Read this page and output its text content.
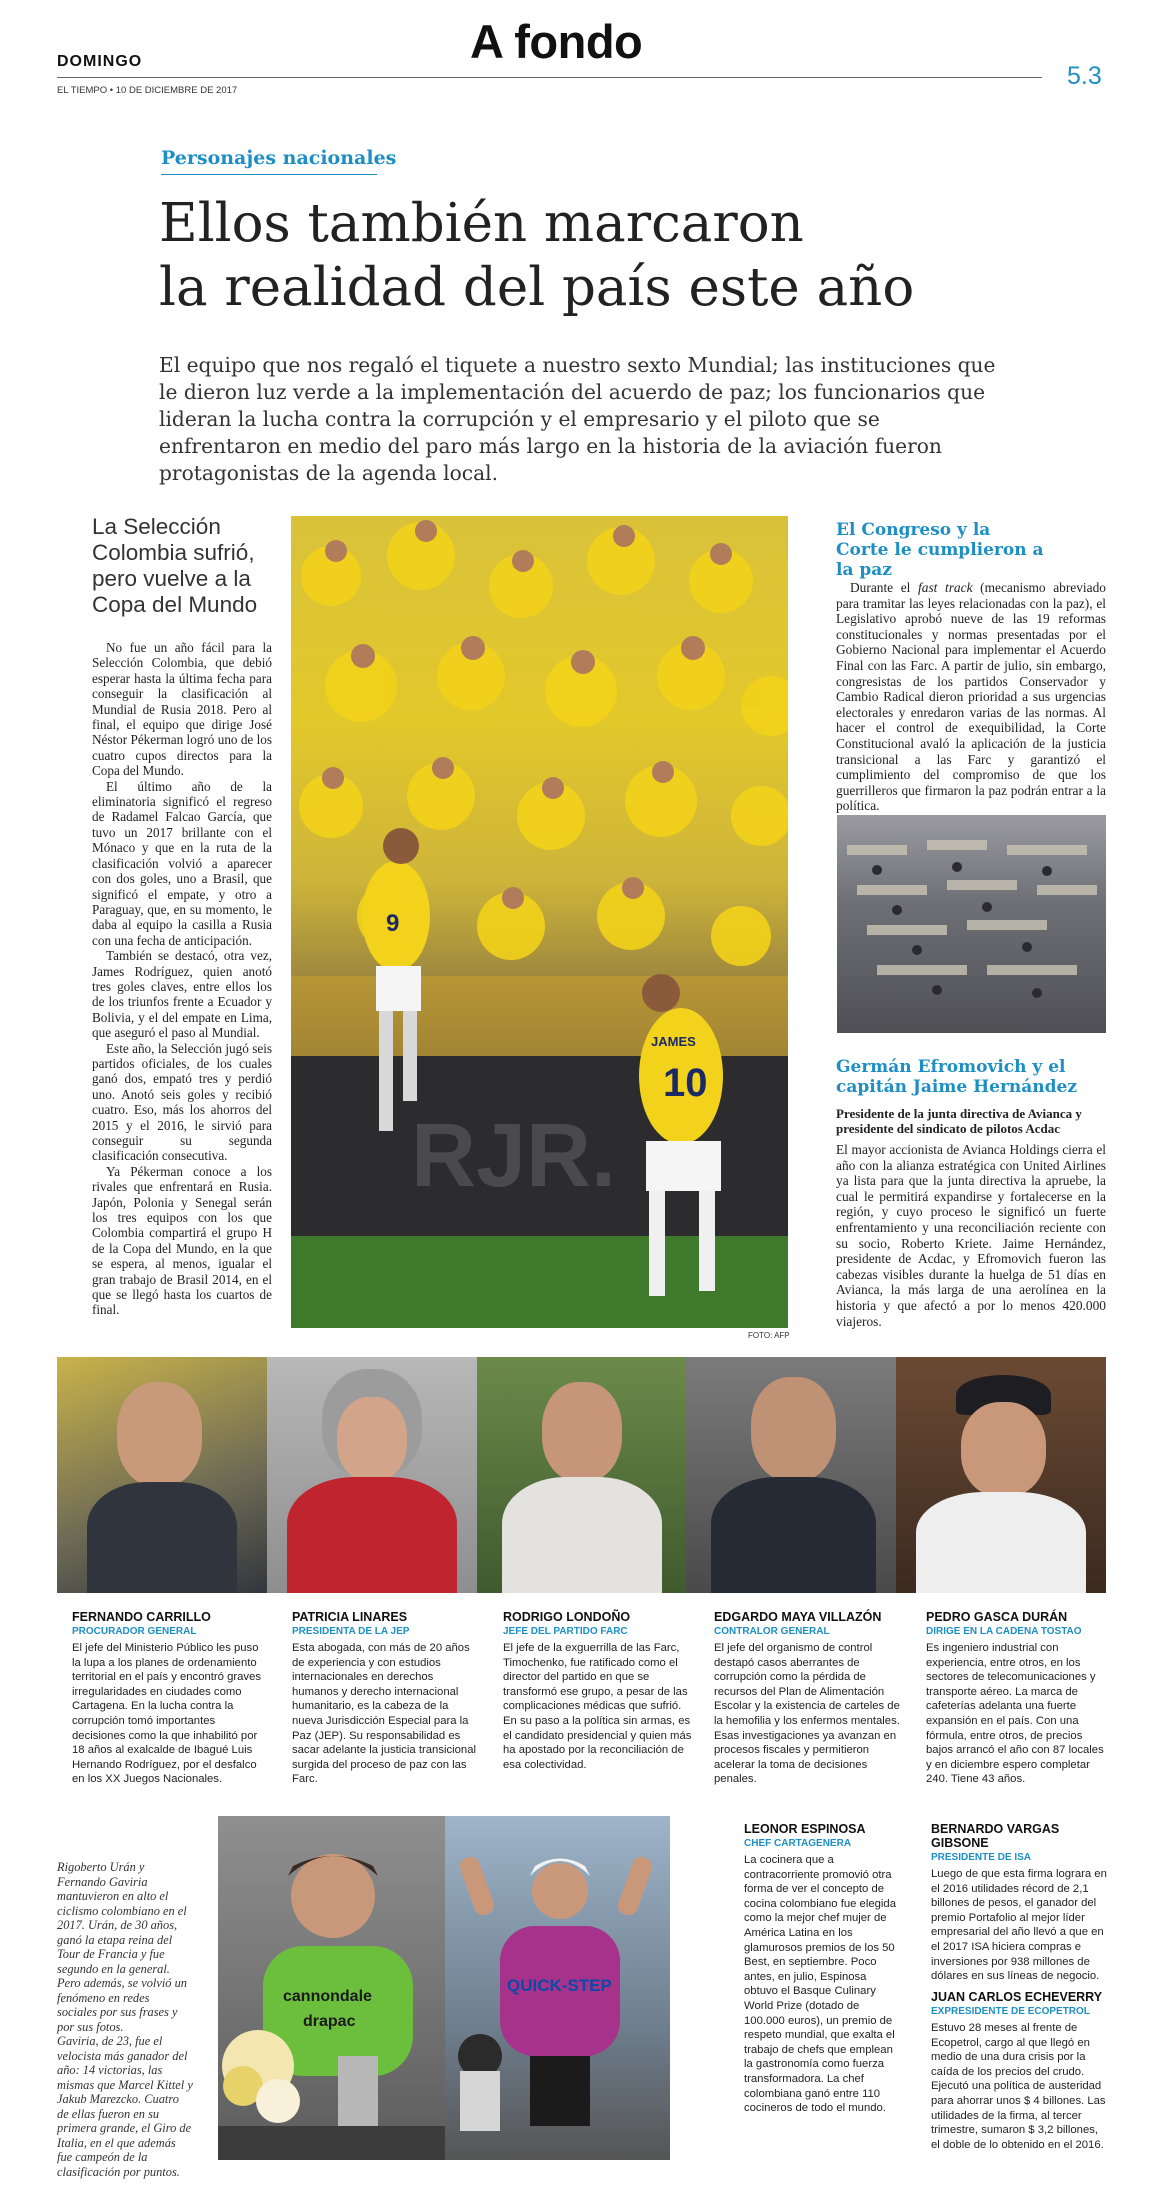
DOMINGO
EL TIEMPO • 10 DE DICIEMBRE DE 2017
A fondo
5.3
Personajes nacionales
Ellos también marcaron
la realidad del país este año
El equipo que nos regaló el tiquete a nuestro sexto Mundial; las instituciones que le dieron luz verde a la implementación del acuerdo de paz; los funcionarios que lideran la lucha contra la corrupción y el empresario y el piloto que se enfrentaron en medio del paro más largo en la historia de la aviación fueron protagonistas de la agenda local.
La Selección Colombia sufrió, pero vuelve a la Copa del Mundo

No fue un año fácil para la Selección Colombia, que debió esperar hasta la última fecha para conseguir la clasificación al Mundial de Rusia 2018. Pero al final, el equipo que dirige José Néstor Pékerman logró uno de los cuatro cupos directos para la Copa del Mundo.

El último año de la eliminatoria significó el regreso de Radamel Falcao García, que tuvo un 2017 brillante con el Mónaco y que en la ruta de la clasificación volvió a aparecer con dos goles, uno a Brasil, que significó el empate, y otro a Paraguay, que, en su momento, le daba al equipo la casilla a Rusia con una fecha de anticipación.

También se destacó, otra vez, James Rodríguez, quien anotó tres goles claves, entre ellos los de los triunfos frente a Ecuador y Bolivia, y el del empate en Lima, que aseguró el paso al Mundial.

Este año, la Selección jugó seis partidos oficiales, de los cuales ganó dos, empató tres y perdió uno. Anotó seis goles y recibió cuatro. Eso, más los ahorros del 2015 y el 2016, le sirvió para conseguir su segunda clasificación consecutiva.

Ya Pékerman conoce a los rivales que enfrentará en Rusia. Japón, Polonia y Senegal serán los tres equipos con los que Colombia compartirá el grupo H de la Copa del Mundo, en la que se espera, al menos, igualar el gran trabajo de Brasil 2014, en el que se llegó hasta los cuartos de final.

RJR.
9
JAMES
10
FOTO: AFP
El Congreso y la Corte le cumplieron a la paz

Durante el fast track (mecanismo abreviado para tramitar las leyes relacionadas con la paz), el Legislativo aprobó nueve de las 19 reformas constitucionales y normas presentadas por el Gobierno Nacional para implementar el Acuerdo Final con las Farc. A partir de julio, sin embargo, congresistas de los partidos Conservador y Cambio Radical dieron prioridad a sus urgencias electorales y enredaron varias de las normas. Al hacer el control de exequibilidad, la Corte Constitucional avaló la aplicación de la justicia transicional a las Farc y garantizó el cumplimiento del compromiso de que los guerrilleros que firmaron la paz podrán entrar a la política.

Germán Efromovich y el capitán Jaime Hernández
Presidente de la junta directiva de Avianca y presidente del sindicato de pilotos Acdac
El mayor accionista de Avianca Holdings cierra el año con la alianza estratégica con United Airlines ya lista para que la junta directiva la apruebe, la cual le permitirá expandirse y fortalecerse en la región, y cuyo proceso le significó un fuerte enfrentamiento y una reconciliación reciente con su socio, Roberto Kriete. Jaime Hernández, presidente de Acdac, y Efromovich fueron las cabezas visibles durante la huelga de 51 días en Avianca, la más larga de una aerolínea en la historia y que afectó a por lo menos 420.000 viajeros.
FERNANDO CARRILLO
PROCURADOR GENERAL
El jefe del Ministerio Público les puso la lupa a los planes de ordenamiento territorial en el país y encontró graves irregularidades en ciudades como Cartagena. En la lucha contra la corrupción tomó importantes decisiones como la que inhabilitó por 18 años al exalcalde de Ibagué Luis Hernando Rodríguez, por el desfalco en los XX Juegos Nacionales.
PATRICIA LINARES
PRESIDENTA DE LA JEP
Esta abogada, con más de 20 años de experiencia y con estudios internacionales en derechos humanos y derecho internacional humanitario, es la cabeza de la nueva Jurisdicción Especial para la Paz (JEP). Su responsabilidad es sacar adelante la justicia transicional surgida del proceso de paz con las Farc.
RODRIGO LONDOÑO
JEFE DEL PARTIDO FARC
El jefe de la exguerrilla de las Farc, Timochenko, fue ratificado como el director del partido en que se transformó ese grupo, a pesar de las complicaciones médicas que sufrió. En su paso a la política sin armas, es el candidato presidencial y quien más ha apostado por la reconciliación de esa colectividad.
EDGARDO MAYA VILLAZÓN
CONTRALOR GENERAL
El jefe del organismo de control destapó casos aberrantes de corrupción como la pérdida de recursos del Plan de Alimentación Escolar y la existencia de carteles de la hemofilia y los enfermos mentales. Esas investigaciones ya avanzan en procesos fiscales y permitieron acelerar la toma de decisiones penales.
PEDRO GASCA DURÁN
DIRIGE EN LA CADENA TOSTAO
Es ingeniero industrial con experiencia, entre otros, en los sectores de telecomunicaciones y transporte aéreo. La marca de cafeterías adelanta una fuerte expansión en el país. Con una fórmula, entre otros, de precios bajos arrancó el año con 87 locales y en diciembre espero completar 240. Tiene 43 años.
Rigoberto Urán y
Fernando Gaviria
mantuvieron en alto el
ciclismo colombiano en el
2017. Urán, de 30 años,
ganó la etapa reina del
Tour de Francia y fue
segundo en la general.
Pero además, se volvió un
fenómeno en redes
sociales por sus frases y
por sus fotos.
Gaviria, de 23, fue el
velocista más ganador del
año: 14 victorias, las
mismas que Marcel Kittel y
Jakub Marezcko. Cuatro
de ellas fueron en su
primera grande, el Giro de
Italia, en el que además
fue campeón de la
clasificación por puntos.
cannondale
drapac
QUICK-STEP
LEONOR ESPINOSA
CHEF CARTAGENERA
La cocinera que a contracorriente promovió otra forma de ver el concepto de cocina colombiano fue elegida como la mejor chef mujer de América Latina en los glamurosos premios de los 50 Best, en septiembre. Poco antes, en julio, Espinosa obtuvo el Basque Culinary World Prize (dotado de 100.000 euros), un premio de respeto mundial, que exalta el trabajo de chefs que emplean la gastronomía como fuerza transformadora. La chef colombiana ganó entre 110 cocineros de todo el mundo.
BERNARDO VARGAS GIBSONE
PRESIDENTE DE ISA
Luego de que esta firma lograra en el 2016 utilidades récord de 2,1 billones de pesos, el ganador del premio Portafolio al mejor líder empresarial del año llevó a que en el 2017 ISA hiciera compras e inversiones por 938 millones de dólares en sus líneas de negocio.
JUAN CARLOS ECHEVERRY
EXPRESIDENTE DE ECOPETROL
Estuvo 28 meses al frente de Ecopetrol, cargo al que llegó en medio de una dura crisis por la caída de los precios del crudo. Ejecutó una política de austeridad para ahorrar unos $ 4 billones. Las utilidades de la firma, al tercer trimestre, sumaron $ 3,2 billones, el doble de lo obtenido en el 2016.
